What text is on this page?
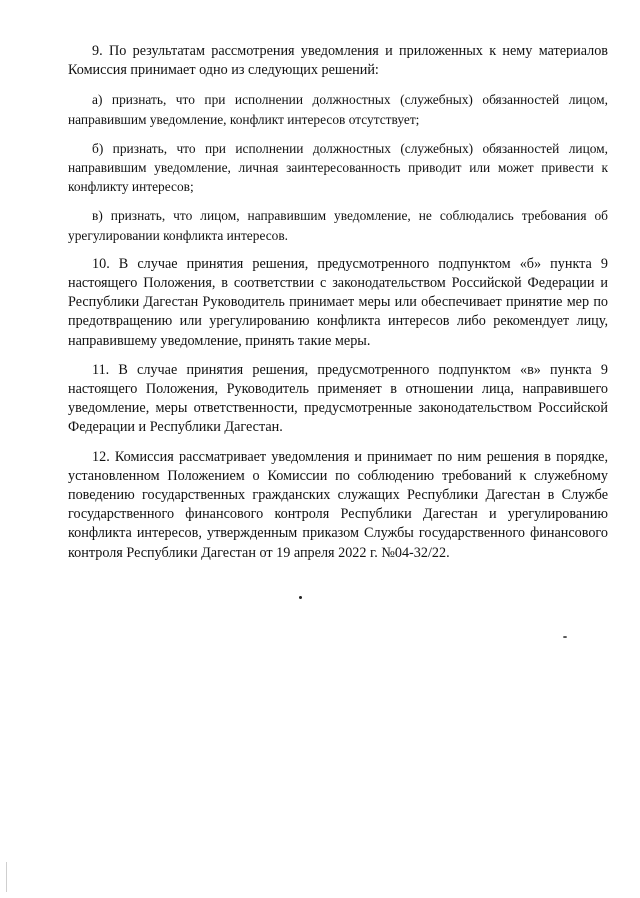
9. По результатам рассмотрения уведомления и приложенных к нему материалов Комиссия принимает одно из следующих решений:

а) признать, что при исполнении должностных (служебных) обязанностей лицом, направившим уведомление, конфликт интересов отсутствует;

б) признать, что при исполнении должностных (служебных) обязанностей лицом, направившим уведомление, личная заинтересованность приводит или может привести к конфликту интересов;

в) признать, что лицом, направившим уведомление, не соблюдались требования об урегулировании конфликта интересов.

10. В случае принятия решения, предусмотренного подпунктом «б» пункта 9 настоящего Положения, в соответствии с законодательством Российской Федерации и Республики Дагестан Руководитель принимает меры или обеспечивает принятие мер по предотвращению или урегулированию конфликта интересов либо рекомендует лицу, направившему уведомление, принять такие меры.

11. В случае принятия решения, предусмотренного подпунктом «в» пункта 9 настоящего Положения, Руководитель применяет в отношении лица, направившего уведомление, меры ответственности, предусмотренные законодательством Российской Федерации и Республики Дагестан.

12. Комиссия рассматривает уведомления и принимает по ним решения в порядке, установленном Положением о Комиссии по соблюдению требований к служебному поведению государственных гражданских служащих Республики Дагестан в Службе государственного финансового контроля Республики Дагестан и урегулированию конфликта интересов, утвержденным приказом Службы государственного финансового контроля Республики Дагестан от 19 апреля 2022 г. №04-32/22.
